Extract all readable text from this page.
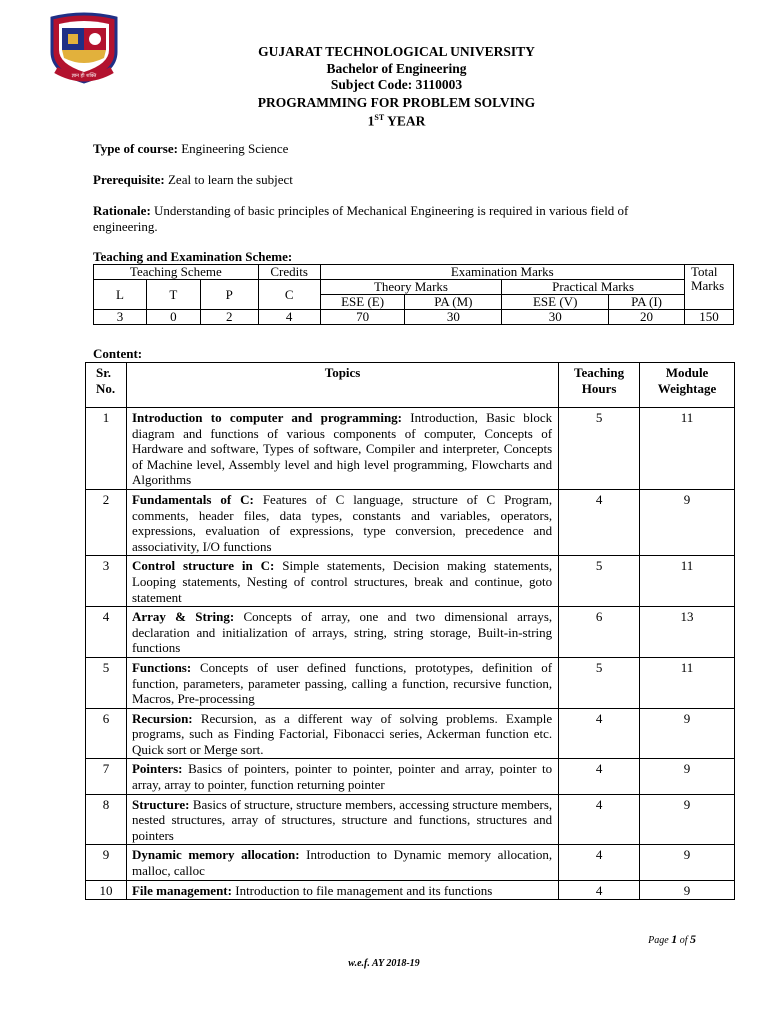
ज्ञान ही शक्ति
GUJARAT TECHNOLOGICAL UNIVERSITY
Bachelor of Engineering
Subject Code: 3110003
PROGRAMMING FOR PROBLEM SOLVING
1ST YEAR
Type of course: Engineering Science
Prerequisite: Zeal to learn the subject
Rationale: Understanding of basic principles of Mechanical Engineering is required in various field of engineering.
Teaching and Examination Scheme:
Teaching Scheme			Credits	Examination Marks				Total Marks
L	T	P	C	Theory Marks		Practical Marks		
				ESE (E)	PA (M)	ESE (V)	PA (I)	
3	0	2	4	70	30	30	20	150
Content:
Sr. No.	Topics	Teaching Hours	Module Weightage
1	Introduction to computer and programming: Introduction, Basic block diagram and functions of various components of computer, Concepts of Hardware and software, Types of software, Compiler and interpreter, Concepts of Machine level, Assembly level and high level programming, Flowcharts and Algorithms	5	11
2	Fundamentals of C: Features of C language, structure of C Program, comments, header files, data types, constants and variables, operators, expressions, evaluation of expressions, type conversion, precedence and associativity, I/O functions	4	9
3	Control structure in C: Simple statements, Decision making statements, Looping statements, Nesting of control structures, break and continue, goto statement	5	11
4	Array & String: Concepts of array, one and two dimensional arrays, declaration and initialization of arrays, string, string storage, Built-in-string functions	6	13
5	Functions: Concepts of user defined functions, prototypes, definition of function, parameters, parameter passing, calling a function, recursive function, Macros, Pre-processing	5	11
6	Recursion: Recursion, as a different way of solving problems. Example programs, such as Finding Factorial, Fibonacci series, Ackerman function etc. Quick sort or Merge sort.	4	9
7	Pointers: Basics of pointers, pointer to pointer, pointer and array, pointer to array, array to pointer, function returning pointer	4	9
8	Structure: Basics of structure, structure members, accessing structure members, nested structures, array of structures, structure and functions, structures and pointers	4	9
9	Dynamic memory allocation: Introduction to Dynamic memory allocation, malloc, calloc	4	9
10	File management: Introduction to file management and its functions	4	9
Page 1 of 5
w.e.f. AY 2018-19
